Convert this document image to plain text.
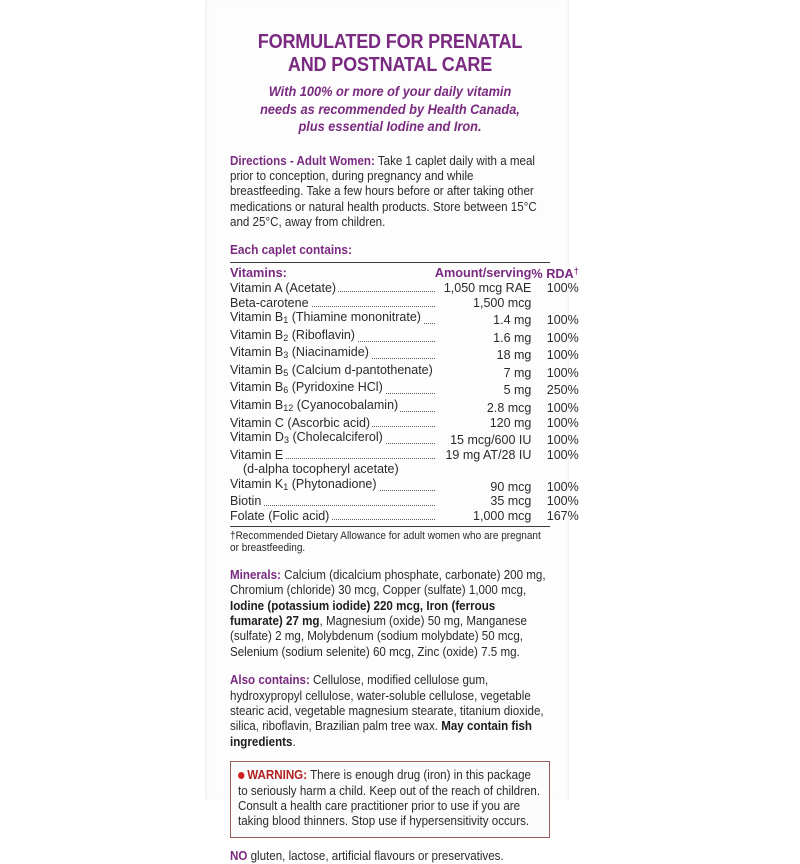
FORMULATED FOR PRENATAL
AND POSTNATAL CARE
With 100% or more of your daily vitamin
needs as recommended by Health Canada,
plus essential Iodine and Iron.
Directions - Adult Women: Take 1 caplet daily with a meal prior to conception, during pregnancy and while breastfeeding. Take a few hours before or after taking other medications or natural health products. Store between 15°C and 25°C, away from children.
Each caplet contains:
Vitamins:	Amount/serving	% RDA†

Vitamin A (Acetate)	1,050 mcg RAE	100%

Beta-carotene	1,500 mcg	

Vitamin $B_1$ (Thiamine mononitrate)	1.4 mg	100%

Vitamin $B_2$ (Riboflavin)	1.6 mg	100%

Vitamin $B_3$ (Niacinamide)	18 mg	100%

Vitamin $B_5$ (Calcium d-pantothenate)	7 mg	100%

Vitamin $B_6$ (Pyridoxine HCl)	5 mg	250%

Vitamin $B_{12}$ (Cyanocobalamin)	2.8 mcg	100%

Vitamin C (Ascorbic acid)	120 mg	100%

Vitamin $D_3$ (Cholecalciferol)	15 mcg/600 IU	100%

Vitamin E	19 mg AT/28 IU	100%
(d-alpha tocopheryl acetate)		

Vitamin $K_1$ (Phytonadione)	90 mcg	100%

Biotin	35 mcg	100%

Folate (Folic acid)	1,000 mcg	167%
†Recommended Dietary Allowance for adult women who are pregnant or breastfeeding.
Minerals: Calcium (dicalcium phosphate, carbonate) 200 mg, Chromium (chloride) 30 mcg, Copper (sulfate) 1,000 mcg, Iodine (potassium iodide) 220 mcg, Iron (ferrous fumarate) 27 mg, Magnesium (oxide) 50 mg, Manganese (sulfate) 2 mg, Molybdenum (sodium molybdate) 50 mcg, Selenium (sodium selenite) 60 mcg, Zinc (oxide) 7.5 mg.
Also contains: Cellulose, modified cellulose gum, hydroxypropyl cellulose, water-soluble cellulose, vegetable stearic acid, vegetable magnesium stearate, titanium dioxide, silica, riboflavin, Brazilian palm tree wax. May contain fish ingredients.
WARNING: There is enough drug (iron) in this package to seriously harm a child. Keep out of the reach of children. Consult a health care practitioner prior to use if you are taking blood thinners. Stop use if hypersensitivity occurs.
NO gluten, lactose, artificial flavours or preservatives.
